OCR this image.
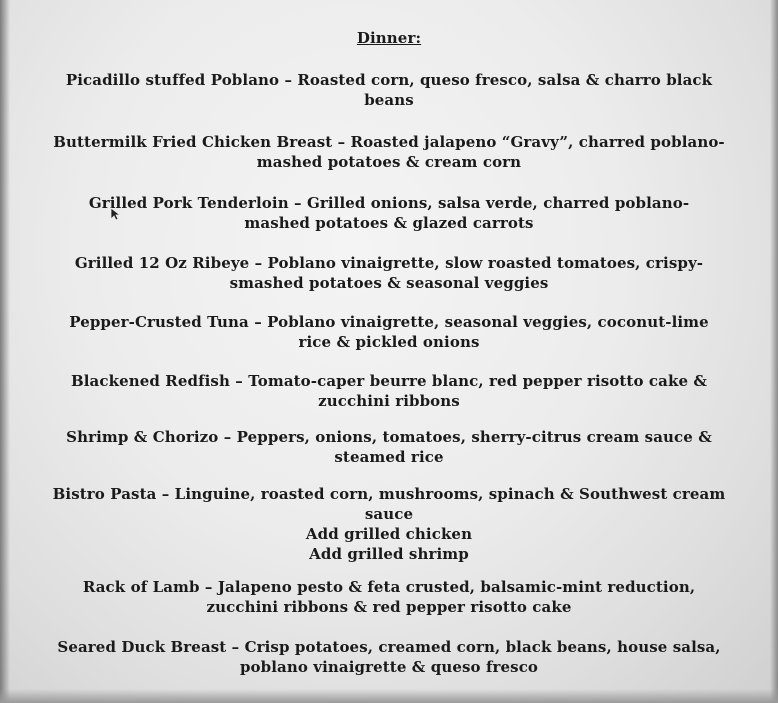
Dinner:
Picadillo stuffed Poblano – Roasted corn, queso fresco, salsa & charro black
beans
Buttermilk Fried Chicken Breast – Roasted jalapeno “Gravy”, charred poblano-
mashed potatoes & cream corn
Grilled Pork Tenderloin – Grilled onions, salsa verde, charred poblano-
mashed potatoes & glazed carrots
Grilled 12 Oz Ribeye – Poblano vinaigrette, slow roasted tomatoes, crispy-
smashed potatoes & seasonal veggies
Pepper-Crusted Tuna – Poblano vinaigrette, seasonal veggies, coconut-lime
rice & pickled onions
Blackened Redfish – Tomato-caper beurre blanc, red pepper risotto cake &
zucchini ribbons
Shrimp & Chorizo – Peppers, onions, tomatoes, sherry-citrus cream sauce &
steamed rice
Bistro Pasta – Linguine, roasted corn, mushrooms, spinach & Southwest cream
sauce
Add grilled chicken
Add grilled shrimp
Rack of Lamb – Jalapeno pesto & feta crusted, balsamic-mint reduction,
zucchini ribbons & red pepper risotto cake
Seared Duck Breast – Crisp potatoes, creamed corn, black beans, house salsa,
poblano vinaigrette & queso fresco
